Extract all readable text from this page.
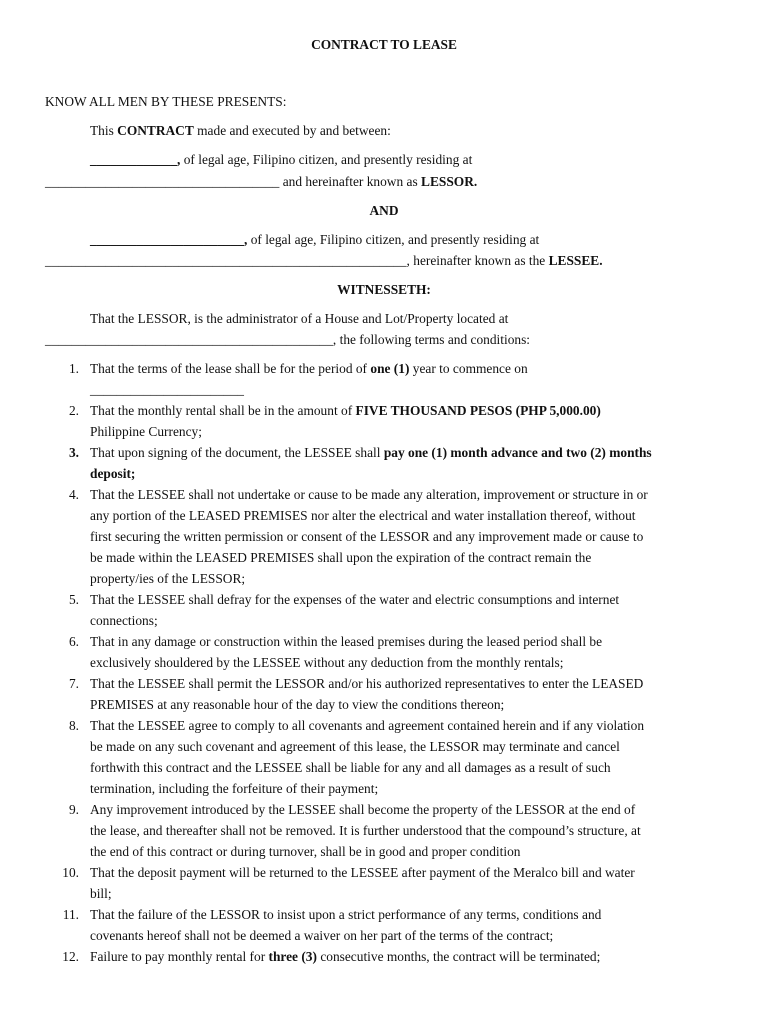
CONTRACT TO LEASE
KNOW ALL MEN BY THESE PRESENTS:
This CONTRACT made and executed by and between:
_____________, of legal age, Filipino citizen, and presently residing at
___________________________________ and hereinafter known as LESSOR.
AND
_______________________, of legal age, Filipino citizen, and presently residing at
______________________________________________________, hereinafter known as the LESSEE.
WITNESSETH:
That the LESSOR, is the administrator of a House and Lot/Property located at
___________________________________________, the following terms and conditions:
1. That the terms of the lease shall be for the period of one (1) year to commence on
_______________________
2. That the monthly rental shall be in the amount of FIVE THOUSAND PESOS (PHP 5,000.00)
Philippine Currency;
3. That upon signing of the document, the LESSEE shall pay one (1) month advance and two (2) months
deposit;
4. That the LESSEE shall not undertake or cause to be made any alteration, improvement or structure in or
any portion of the LEASED PREMISES nor alter the electrical and water installation thereof, without
first securing the written permission or consent of the LESSOR and any improvement made or cause to
be made within the LEASED PREMISES shall upon the expiration of the contract remain the
property/ies of the LESSOR;
5. That the LESSEE shall defray for the expenses of the water and electric consumptions and internet
connections;
6. That in any damage or construction within the leased premises during the leased period shall be
exclusively shouldered by the LESSEE without any deduction from the monthly rentals;
7. That the LESSEE shall permit the LESSOR and/or his authorized representatives to enter the LEASED
PREMISES at any reasonable hour of the day to view the conditions thereon;
8. That the LESSEE agree to comply to all covenants and agreement contained herein and if any violation
be made on any such covenant and agreement of this lease, the LESSOR may terminate and cancel
forthwith this contract and the LESSEE shall be liable for any and all damages as a result of such
termination, including the forfeiture of their payment;
9. Any improvement introduced by the LESSEE shall become the property of the LESSOR at the end of
the lease, and thereafter shall not be removed. It is further understood that the compound’s structure, at
the end of this contract or during turnover, shall be in good and proper condition
10. That the deposit payment will be returned to the LESSEE after payment of the Meralco bill and water
bill;
11. That the failure of the LESSOR to insist upon a strict performance of any terms, conditions and
covenants hereof shall not be deemed a waiver on her part of the terms of the contract;
12. Failure to pay monthly rental for three (3) consecutive months, the contract will be terminated;
